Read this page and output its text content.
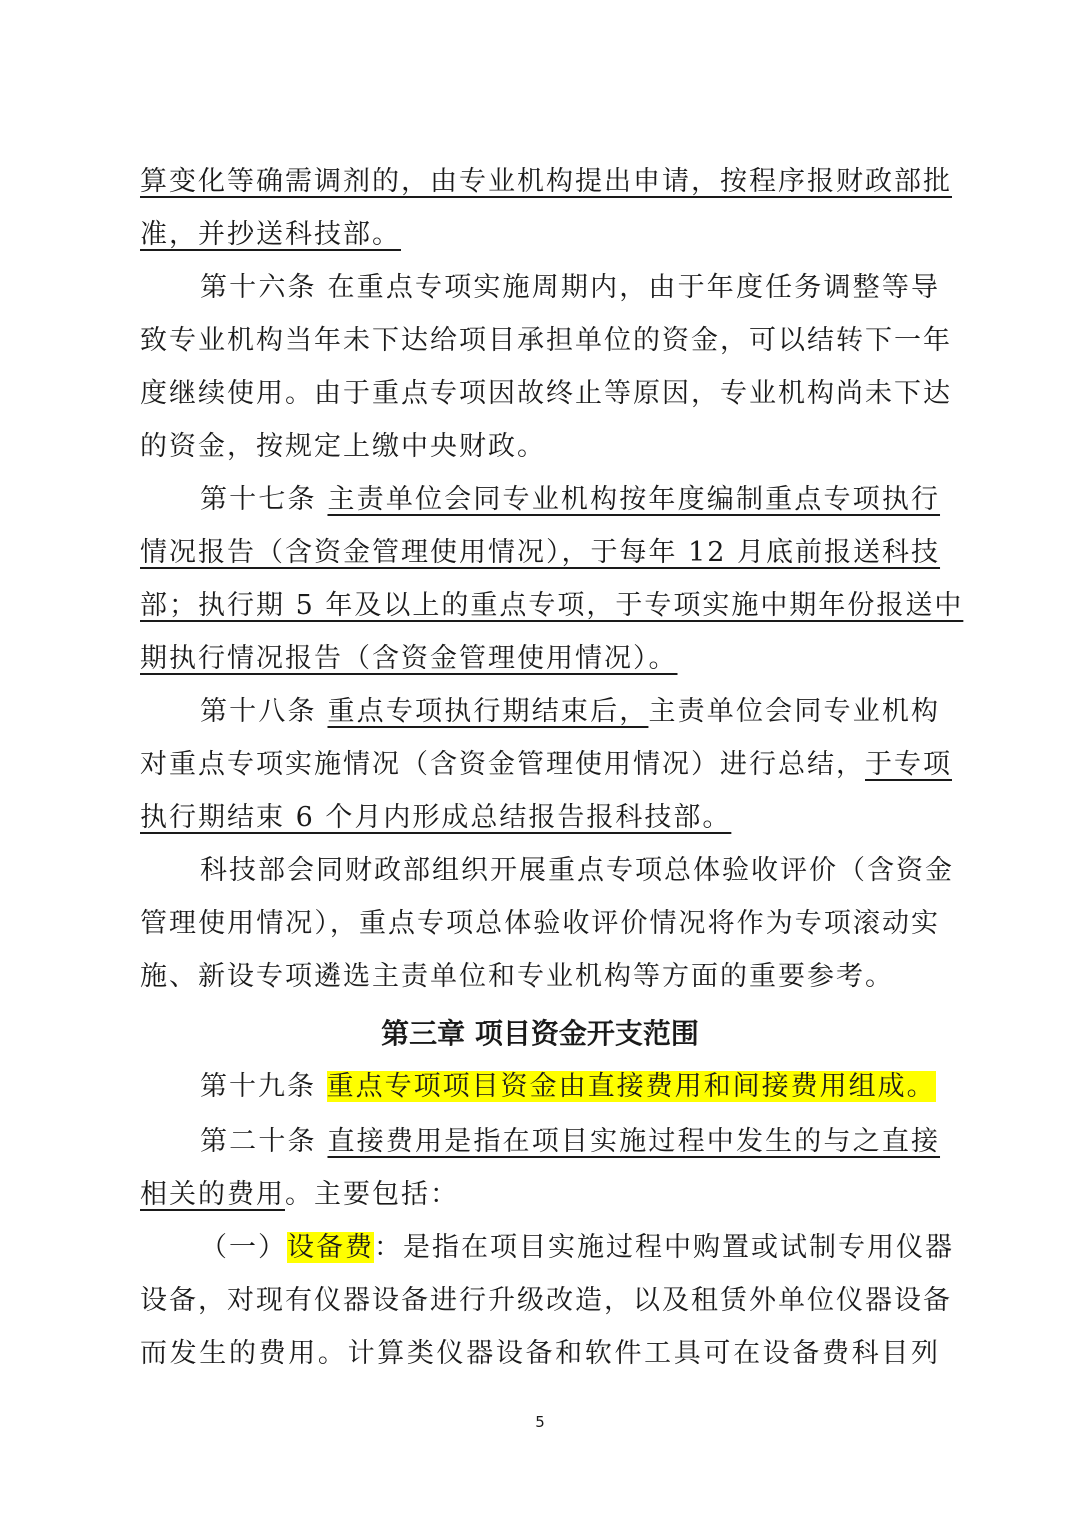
算变化等确需调剂的，由专业机构提出申请，按程序报财政部批
准，并抄送科技部。
第十六条 在重点专项实施周期内，由于年度任务调整等导
致专业机构当年未下达给项目承担单位的资金，可以结转下一年
度继续使用。由于重点专项因故终止等原因，专业机构尚未下达
的资金，按规定上缴中央财政。
第十七条 主责单位会同专业机构按年度编制重点专项执行
情况报告（含资金管理使用情况），于每年 12 月底前报送科技
部；执行期 5 年及以上的重点专项，于专项实施中期年份报送中
期执行情况报告（含资金管理使用情况）。
第十八条 重点专项执行期结束后，主责单位会同专业机构
对重点专项实施情况（含资金管理使用情况）进行总结，于专项
执行期结束 6 个月内形成总结报告报科技部。
科技部会同财政部组织开展重点专项总体验收评价（含资金
管理使用情况），重点专项总体验收评价情况将作为专项滚动实
施、新设专项遴选主责单位和专业机构等方面的重要参考。
第三章 项目资金开支范围
第十九条 重点专项项目资金由直接费用和间接费用组成。
第二十条 直接费用是指在项目实施过程中发生的与之直接
相关的费用。主要包括：
（一）设备费：是指在项目实施过程中购置或试制专用仪器
设备，对现有仪器设备进行升级改造，以及租赁外单位仪器设备
而发生的费用。计算类仪器设备和软件工具可在设备费科目列
5
